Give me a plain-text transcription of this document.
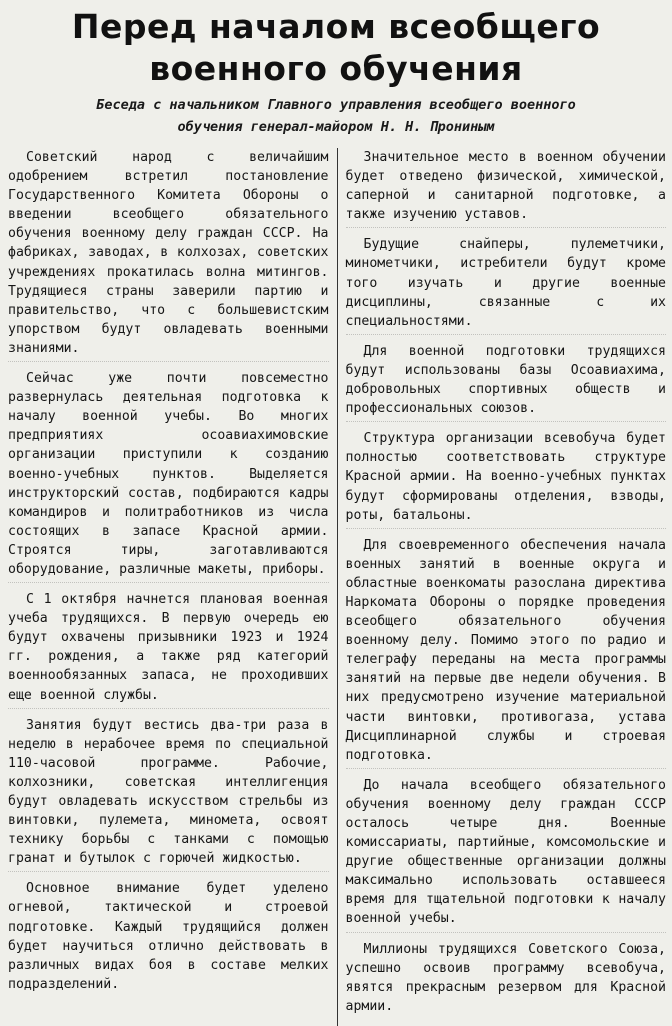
Перед началом всеобщего
военного обучения
Беседа с начальником Главного управления всеобщего военного
обучения генерал-майором Н. Н. Прониным

Советский народ с величайшим одобрением встретил постановление Государственного Комитета Обороны о введении всеобщего обязательного обучения военному делу граждан СССР. На фабриках, заводах, в колхозах, советских учреждениях прокатилась волна митингов. Трудящиеся страны заверили партию и правительство, что с большевистским упорством будут овладевать военными знаниями.

Сейчас уже почти повсеместно развернулась деятельная подготовка к началу военной учебы. Во многих предприятиях осоавиахимовские организации приступили к созданию военно-учебных пунктов. Выделяется инструкторский состав, подбираются кадры командиров и политработников из числа состоящих в запасе Красной армии. Строятся тиры, заготавливаются оборудование, различные макеты, приборы.

С 1 октября начнется плановая военная учеба трудящихся. В первую очередь ею будут охвачены призывники 1923 и 1924 гг. рождения, а также ряд категорий военнообязанных запаса, не проходивших еще военной службы.

Занятия будут вестись два-три раза в неделю в нерабочее время по специальной 110-часовой программе. Рабочие, колхозники, советская интеллигенция будут овладевать искусством стрельбы из винтовки, пулемета, миномета, освоят технику борьбы с танками с помощью гранат и бутылок с горючей жидкостью.

Основное внимание будет уделено огневой, тактической и строевой подготовке. Каждый трудящийся должен будет научиться отлично действовать в различных видах боя в составе мелких подразделений.

Значительное место в военном обучении будет отведено физической, химической, саперной и санитарной подготовке, а также изучению уставов.

Будущие снайперы, пулеметчики, минометчики, истребители будут кроме того изучать и другие военные дисциплины, связанные с их специальностями.

Для военной подготовки трудящихся будут использованы базы Осоавиахима, добровольных спортивных обществ и профессиональных союзов.

Структура организации всевобуча будет полностью соответствовать структуре Красной армии. На военно-учебных пунктах будут сформированы отделения, взводы, роты, батальоны.

Для своевременного обеспечения начала военных занятий в военные округа и областные военкоматы разослана директива Наркомата Обороны о порядке проведения всеобщего обязательного обучения военному делу. Помимо этого по радио и телеграфу переданы на места программы занятий на первые две недели обучения. В них предусмотрено изучение материальной части винтовки, противогаза, устава Дисциплинарной службы и строевая подготовка.

До начала всеобщего обязательного обучения военному делу граждан СССР осталось четыре дня. Военные комиссариаты, партийные, комсомольские и другие общественные организации должны максимально использовать оставшееся время для тщательной подготовки к началу военной учебы.

Миллионы трудящихся Советского Союза, успешно освоив программу всевобуча, явятся прекрасным резервом для Красной армии.
